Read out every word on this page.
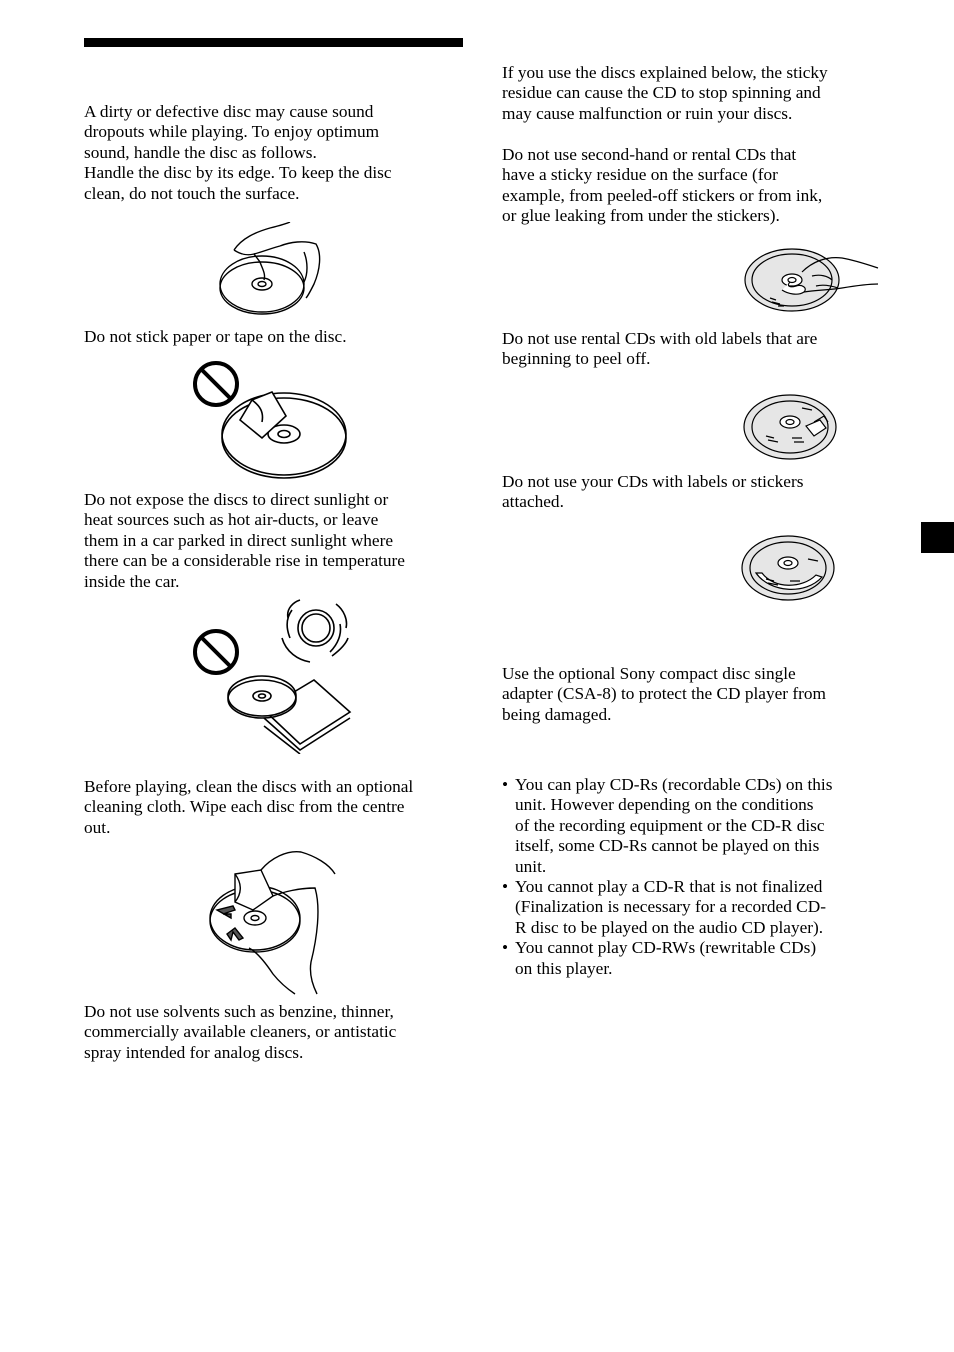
A dirty or defective disc may cause sound
dropouts while playing. To enjoy optimum
sound, handle the disc as follows.
Handle the disc by its edge. To keep the disc
clean, do not touch the surface.

Do not stick paper or tape on the disc.

Do not expose the discs to direct sunlight or
heat sources such as hot air-ducts, or leave
them in a car parked in direct sunlight where
there can be a considerable rise in temperature
inside the car.

Before playing, clean the discs with an optional
cleaning cloth. Wipe each disc from the centre
out.

Do not use solvents such as benzine, thinner,
commercially available cleaners, or antistatic
spray intended for analog discs.

If you use the discs explained below, the sticky
residue can cause the CD to stop spinning and
may cause malfunction or ruin your discs.

Do not use second-hand or rental CDs that
have a sticky residue on the surface (for
example, from peeled-off stickers or from ink,
or glue leaking from under the stickers).

Do not use rental CDs with old labels that are
beginning to peel off.

Do not use your CDs with labels or stickers
attached.

Use the optional Sony compact disc single
adapter (CSA-8) to protect the CD player from
being damaged.

• You can play CD-Rs (recordable CDs) on this
unit. However depending on the conditions
of the recording equipment or the CD-R disc
itself, some CD-Rs cannot be played on this
unit.
• You cannot play a CD-R that is not finalized
(Finalization is necessary for a recorded CD-
R disc to be played on the audio CD player).
• You cannot play CD-RWs (rewritable CDs)
on this player.
